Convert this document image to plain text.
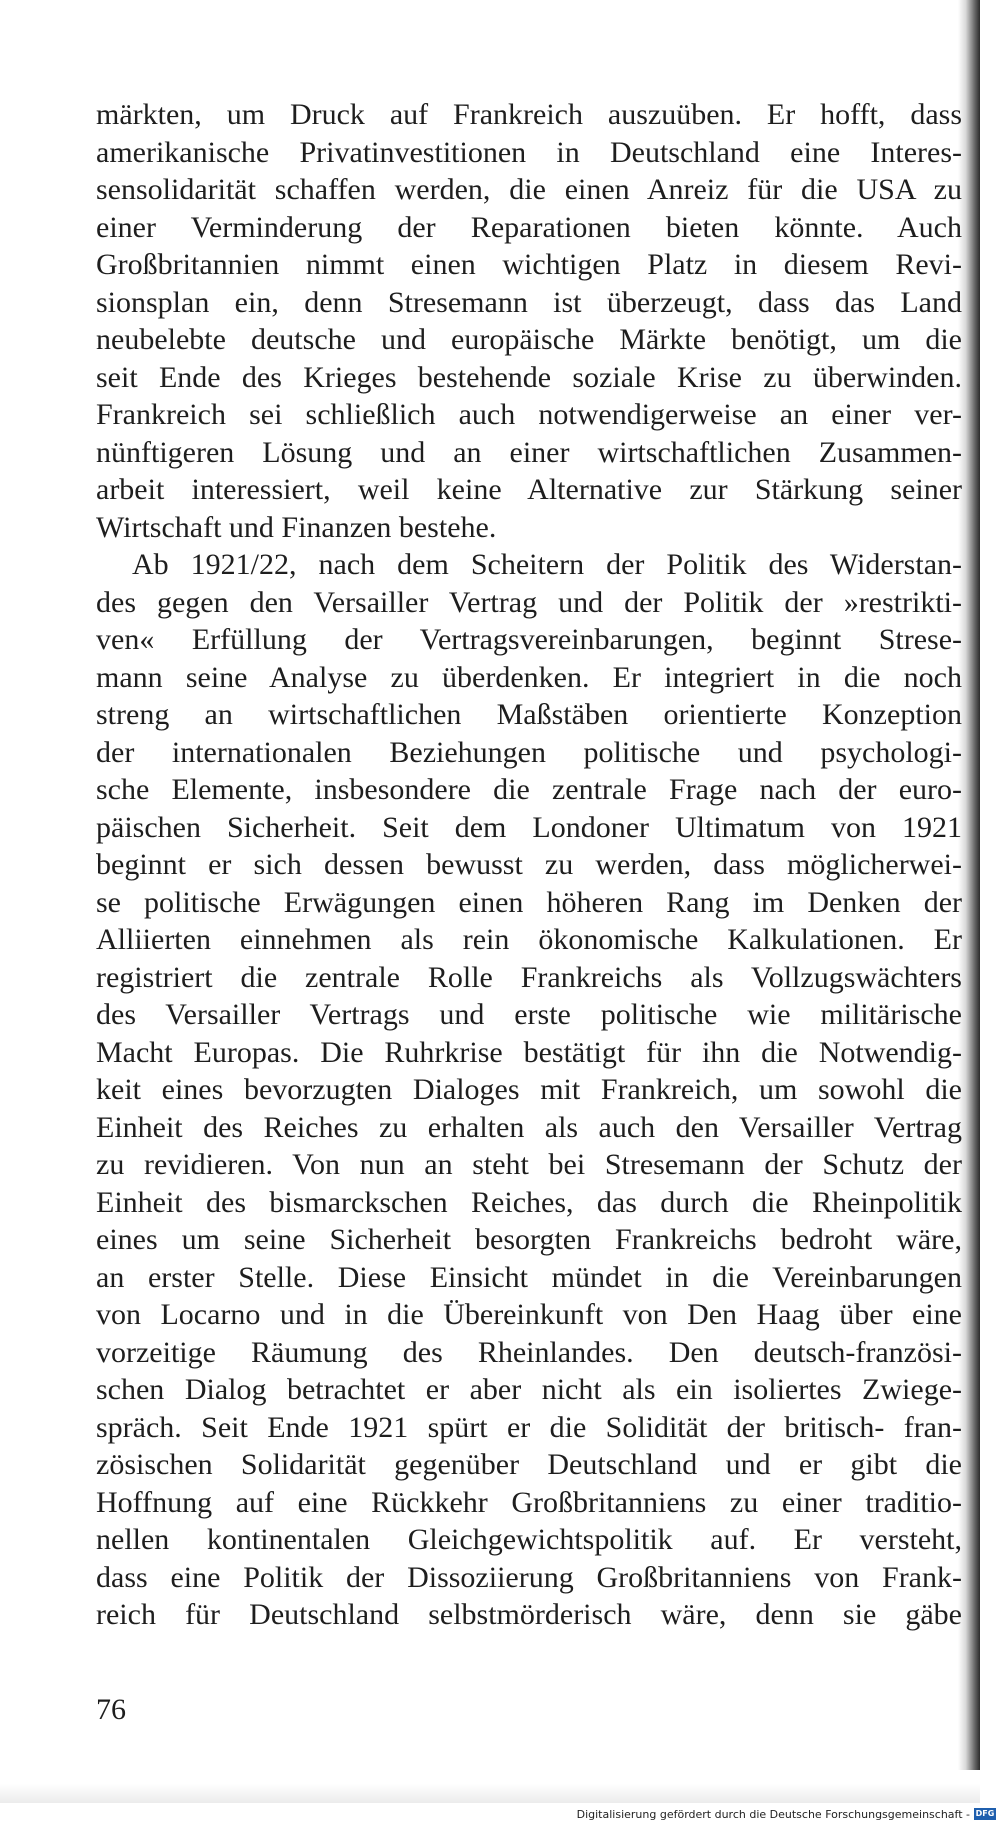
märkten, um Druck auf Frankreich auszuüben. Er hofft, dass
amerikanische Privatinvestitionen in Deutschland eine Interes-
sensolidarität schaffen werden, die einen Anreiz für die USA zu
einer Verminderung der Reparationen bieten könnte. Auch
Großbritannien nimmt einen wichtigen Platz in diesem Revi-
sionsplan ein, denn Stresemann ist überzeugt, dass das Land
neubelebte deutsche und europäische Märkte benötigt, um die
seit Ende des Krieges bestehende soziale Krise zu überwinden.
Frankreich sei schließlich auch notwendigerweise an einer ver-
nünftigeren Lösung und an einer wirtschaftlichen Zusammen-
arbeit interessiert, weil keine Alternative zur Stärkung seiner
Wirtschaft und Finanzen bestehe.

Ab 1921/22, nach dem Scheitern der Politik des Widerstan-
des gegen den Versailler Vertrag und der Politik der »restrikti-
ven« Erfüllung der Vertragsvereinbarungen, beginnt Strese-
mann seine Analyse zu überdenken. Er integriert in die noch
streng an wirtschaftlichen Maßstäben orientierte Konzeption
der internationalen Beziehungen politische und psychologi-
sche Elemente, insbesondere die zentrale Frage nach der euro-
päischen Sicherheit. Seit dem Londoner Ultimatum von 1921
beginnt er sich dessen bewusst zu werden, dass möglicherwei-
se politische Erwägungen einen höheren Rang im Denken der
Alliierten einnehmen als rein ökonomische Kalkulationen. Er
registriert die zentrale Rolle Frankreichs als Vollzugswächters
des Versailler Vertrags und erste politische wie militärische
Macht Europas. Die Ruhrkrise bestätigt für ihn die Notwendig-
keit eines bevorzugten Dialoges mit Frankreich, um sowohl die
Einheit des Reiches zu erhalten als auch den Versailler Vertrag
zu revidieren. Von nun an steht bei Stresemann der Schutz der
Einheit des bismarckschen Reiches, das durch die Rheinpolitik
eines um seine Sicherheit besorgten Frankreichs bedroht wäre,
an erster Stelle. Diese Einsicht mündet in die Vereinbarungen
von Locarno und in die Übereinkunft von Den Haag über eine
vorzeitige Räumung des Rheinlandes. Den deutsch-französi-
schen Dialog betrachtet er aber nicht als ein isoliertes Zwiege-
spräch. Seit Ende 1921 spürt er die Solidität der britisch- fran-
zösischen Solidarität gegenüber Deutschland und er gibt die
Hoffnung auf eine Rückkehr Großbritanniens zu einer traditio-
nellen kontinentalen Gleichgewichtspolitik auf. Er versteht,
dass eine Politik der Dissoziierung Großbritanniens von Frank-
reich für Deutschland selbstmörderisch wäre, denn sie gäbe

76
Digitalisierung gefördert durch die Deutsche Forschungsgemeinschaft - DFG
